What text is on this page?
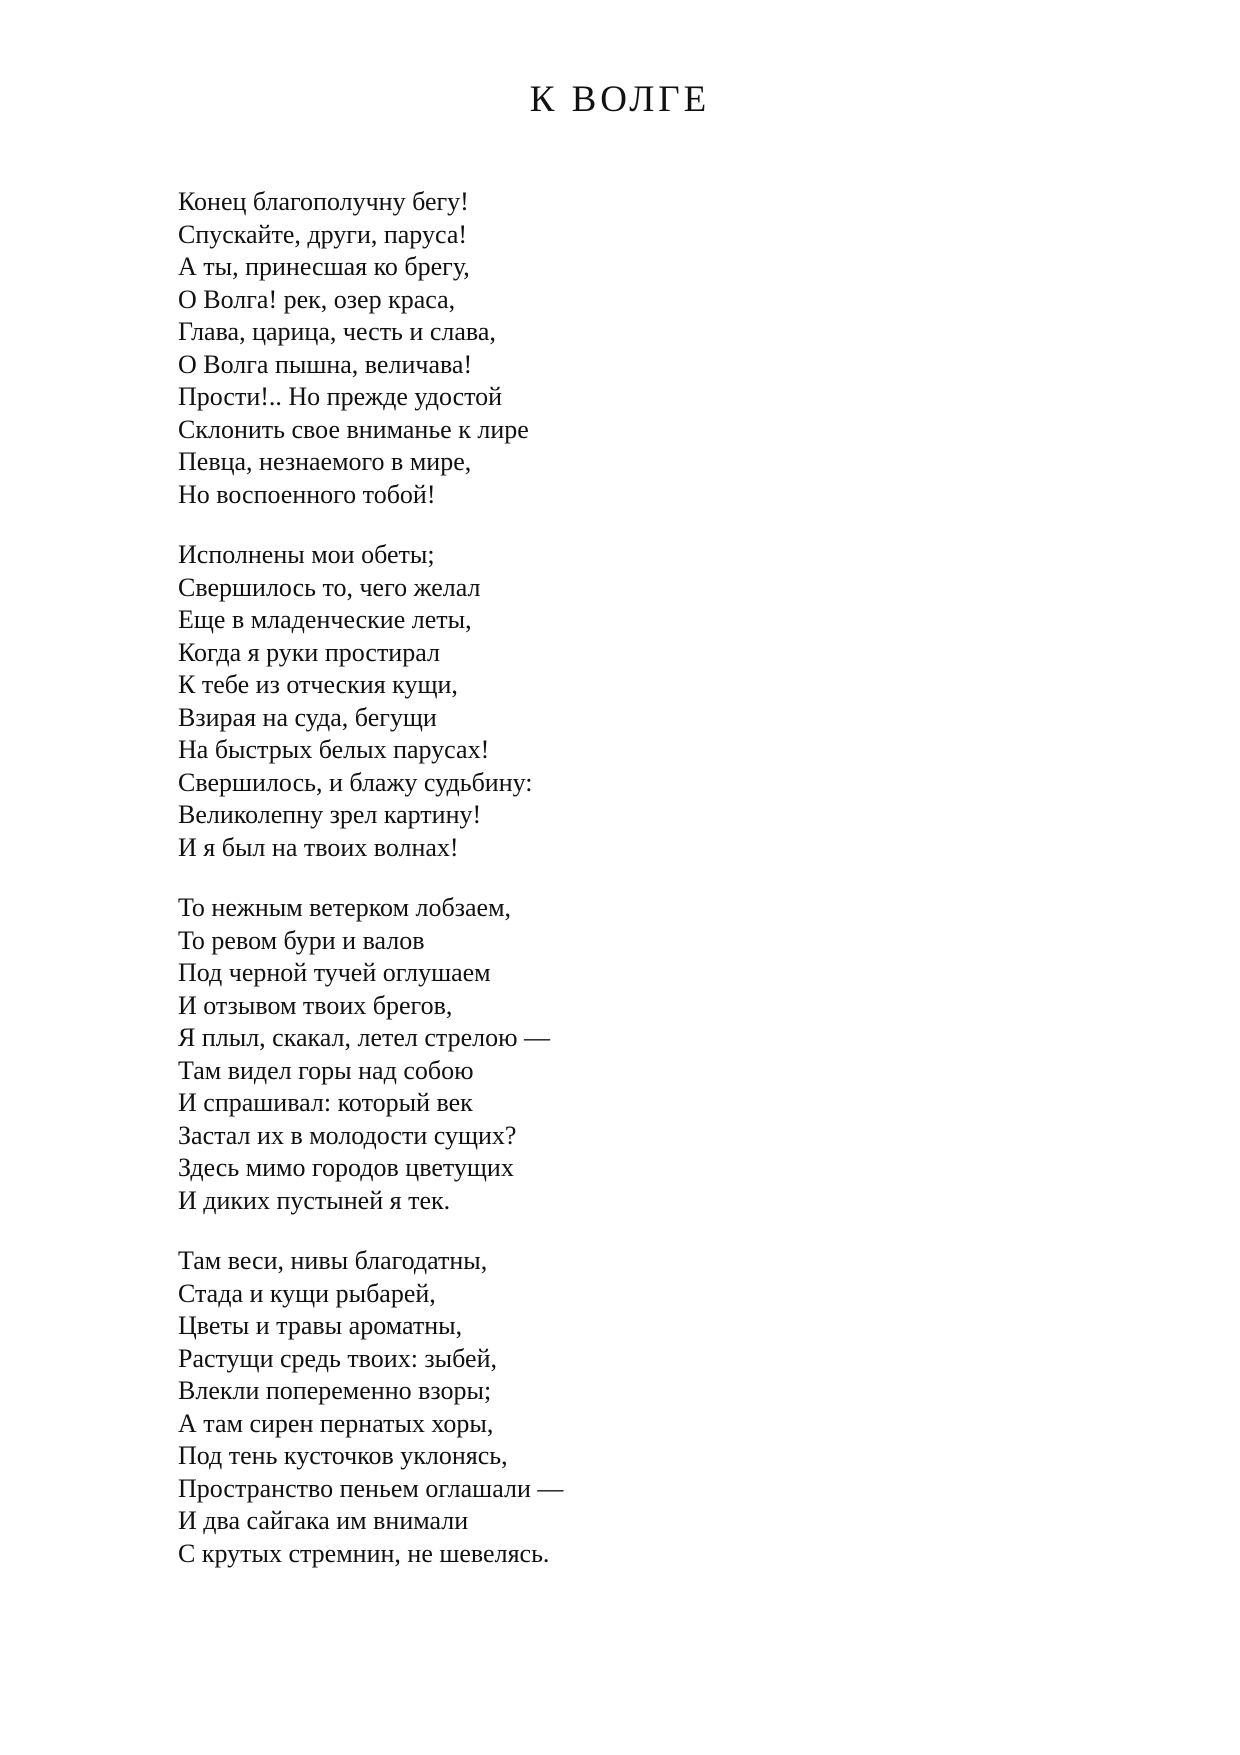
К ВОЛГЕ
Конец благополучну бегу!
Спускайте, други, паруса!
А ты, принесшая ко брегу,
О Волга! рек, озер краса,
Глава, царица, честь и слава,
О Волга пышна, величава!
Прости!.. Но прежде удостой
Склонить свое вниманье к лире
Певца, незнаемого в мире,
Но воспоенного тобой!
Исполнены мои обеты;
Свершилось то, чего желал
Еще в младенческие леты,
Когда я руки простирал
К тебе из отческия кущи,
Взирая на суда, бегущи
На быстрых белых парусах!
Свершилось, и блажу судьбину:
Великолепну зрел картину!
И я был на твоих волнах!
То нежным ветерком лобзаем,
То ревом бури и валов
Под черной тучей оглушаем
И отзывом твоих брегов,
Я плыл, скакал, летел стрелою —
Там видел горы над собою
И спрашивал: который век
Застал их в молодости сущих?
Здесь мимо городов цветущих
И диких пустыней я тек.
Там веси, нивы благодатны,
Стада и кущи рыбарей,
Цветы и травы ароматны,
Растущи средь твоих: зыбей,
Влекли попеременно взоры;
А там сирен пернатых хоры,
Под тень кусточков уклонясь,
Пространство пеньем оглашали —
И два сайгака им внимали
С крутых стремнин, не шевелясь.
